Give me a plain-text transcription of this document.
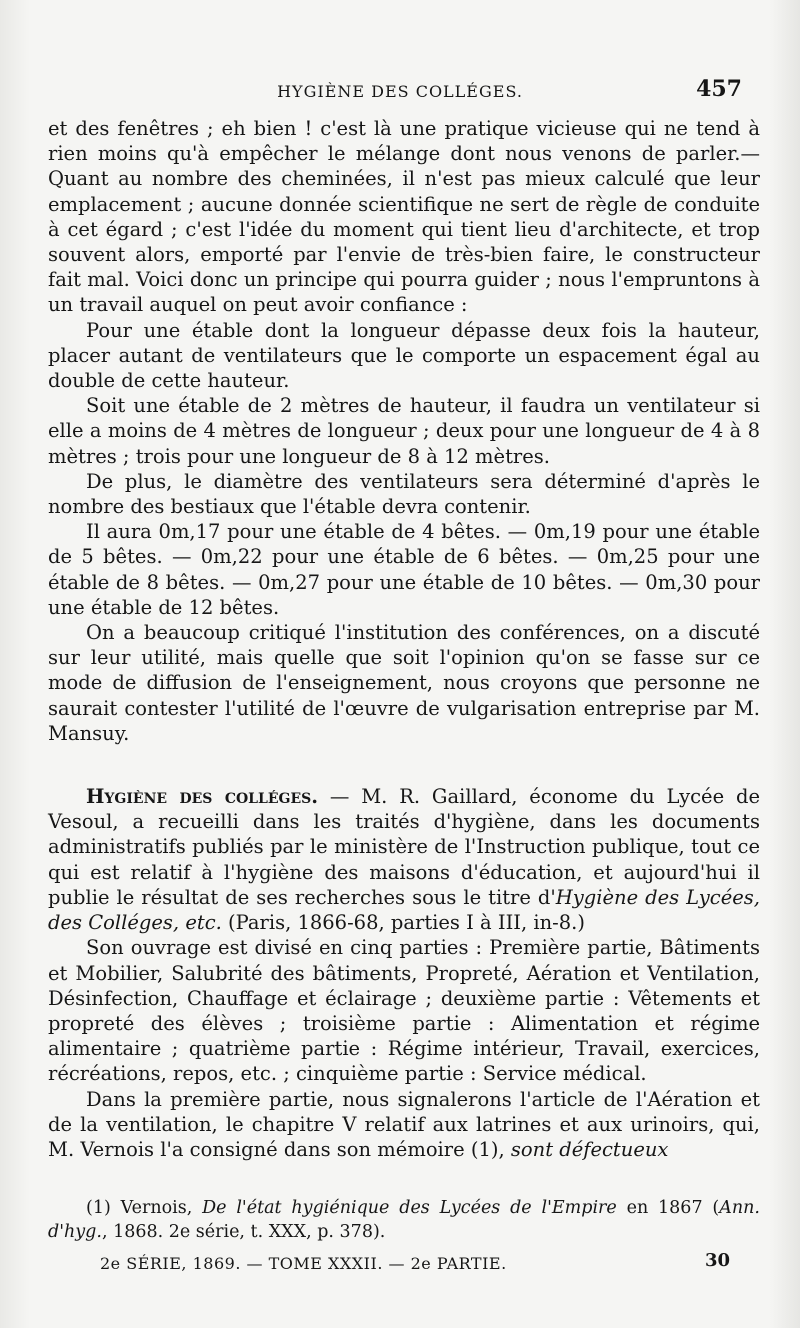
HYGIÈNE DES COLLÉGES.	457

et des fenêtres ; eh bien ! c'est là une pratique vicieuse qui ne tend à rien moins qu'à empêcher le mélange dont nous venons de parler.— Quant au nombre des cheminées, il n'est pas mieux calculé que leur emplacement ; aucune donnée scientifique ne sert de règle de conduite à cet égard ; c'est l'idée du moment qui tient lieu d'architecte, et trop souvent alors, emporté par l'envie de très-bien faire, le constructeur fait mal. Voici donc un principe qui pourra guider ; nous l'empruntons à un travail auquel on peut avoir confiance :

Pour une étable dont la longueur dépasse deux fois la hauteur, placer autant de ventilateurs que le comporte un espacement égal au double de cette hauteur.

Soit une étable de 2 mètres de hauteur, il faudra un ventilateur si elle a moins de 4 mètres de longueur ; deux pour une longueur de 4 à 8 mètres ; trois pour une longueur de 8 à 12 mètres.

De plus, le diamètre des ventilateurs sera déterminé d'après le nombre des bestiaux que l'étable devra contenir.

Il aura 0m,17 pour une étable de 4 bêtes. — 0m,19 pour une étable de 5 bêtes. — 0m,22 pour une étable de 6 bêtes. — 0m,25 pour une étable de 8 bêtes. — 0m,27 pour une étable de 10 bêtes. — 0m,30 pour une étable de 12 bêtes.

On a beaucoup critiqué l'institution des conférences, on a discuté sur leur utilité, mais quelle que soit l'opinion qu'on se fasse sur ce mode de diffusion de l'enseignement, nous croyons que personne ne saurait contester l'utilité de l'œuvre de vulgarisation entreprise par M. Mansuy.

Hygiène des colléges. — M. R. Gaillard, économe du Lycée de Vesoul, a recueilli dans les traités d'hygiène, dans les documents administratifs publiés par le ministère de l'Instruction publique, tout ce qui est relatif à l'hygiène des maisons d'éducation, et aujourd'hui il publie le résultat de ses recherches sous le titre d'Hygiène des Lycées, des Colléges, etc. (Paris, 1866-68, parties I à III, in-8.)

Son ouvrage est divisé en cinq parties : Première partie, Bâtiments et Mobilier, Salubrité des bâtiments, Propreté, Aération et Ventilation, Désinfection, Chauffage et éclairage ; deuxième partie : Vêtements et propreté des élèves ; troisième partie : Alimentation et régime alimentaire ; quatrième partie : Régime intérieur, Travail, exercices, récréations, repos, etc. ; cinquième partie : Service médical.

Dans la première partie, nous signalerons l'article de l'Aération et de la ventilation, le chapitre V relatif aux latrines et aux urinoirs, qui, M. Vernois l'a consigné dans son mémoire (1), sont défectueux

(1) Vernois, De l'état hygiénique des Lycées de l'Empire en 1867 (Ann. d'hyg., 1868. 2e série, t. XXX, p. 378).

2e SÉRIE, 1869. — TOME XXXII. — 2e PARTIE.	30
